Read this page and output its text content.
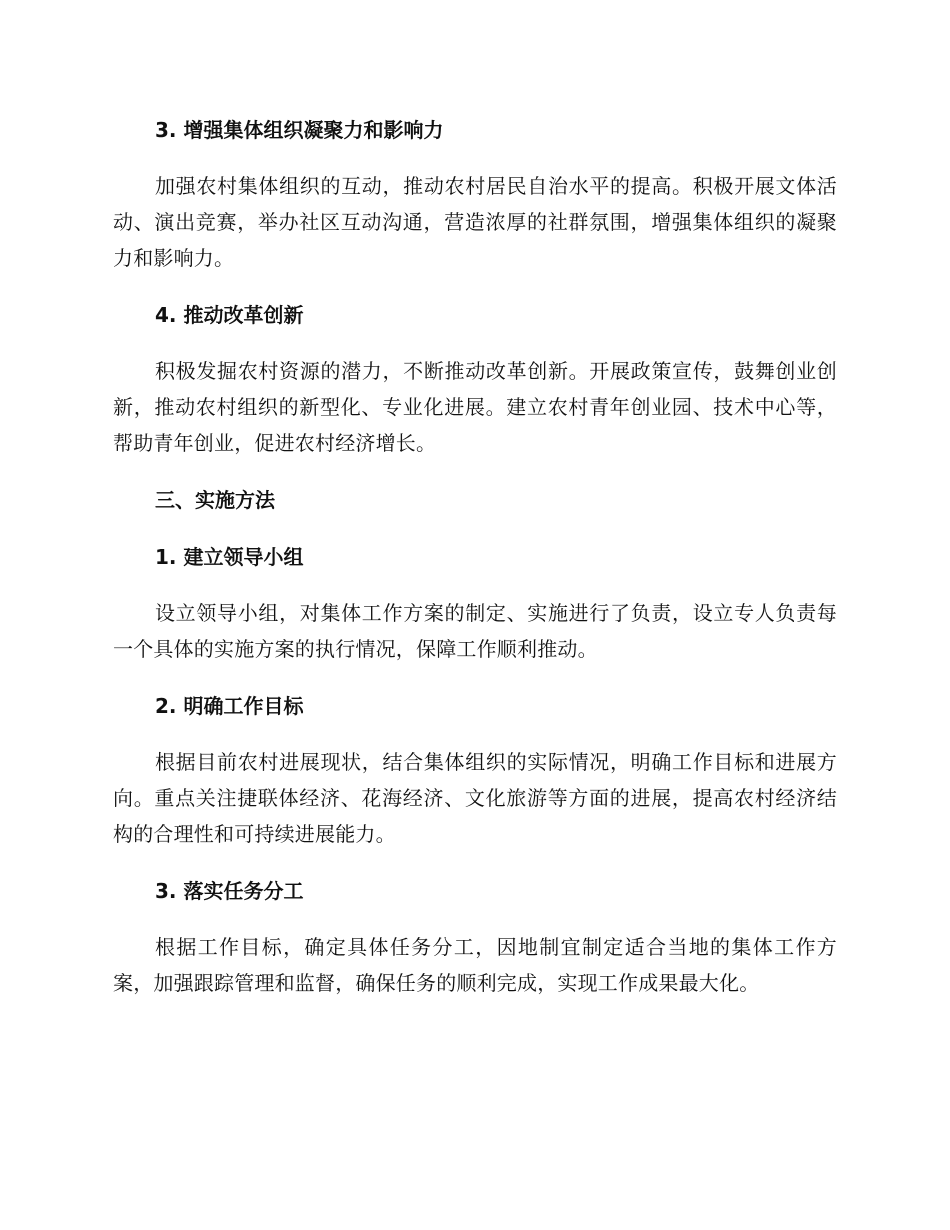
3. 增强集体组织凝聚力和影响力

加强农村集体组织的互动，推动农村居民自治水平的提高。积极开展文体活动、演出竞赛，举办社区互动沟通，营造浓厚的社群氛围，增强集体组织的凝聚力和影响力。

4. 推动改革创新

积极发掘农村资源的潜力，不断推动改革创新。开展政策宣传，鼓舞创业创新，推动农村组织的新型化、专业化进展。建立农村青年创业园、技术中心等，帮助青年创业，促进农村经济增长。

三、实施方法
1. 建立领导小组

设立领导小组，对集体工作方案的制定、实施进行了负责，设立专人负责每一个具体的实施方案的执行情况，保障工作顺利推动。

2. 明确工作目标

根据目前农村进展现状，结合集体组织的实际情况，明确工作目标和进展方向。重点关注捷联体经济、花海经济、文化旅游等方面的进展，提高农村经济结构的合理性和可持续进展能力。

3. 落实任务分工

根据工作目标，确定具体任务分工，因地制宜制定适合当地的集体工作方案，加强跟踪管理和监督，确保任务的顺利完成，实现工作成果最大化。
